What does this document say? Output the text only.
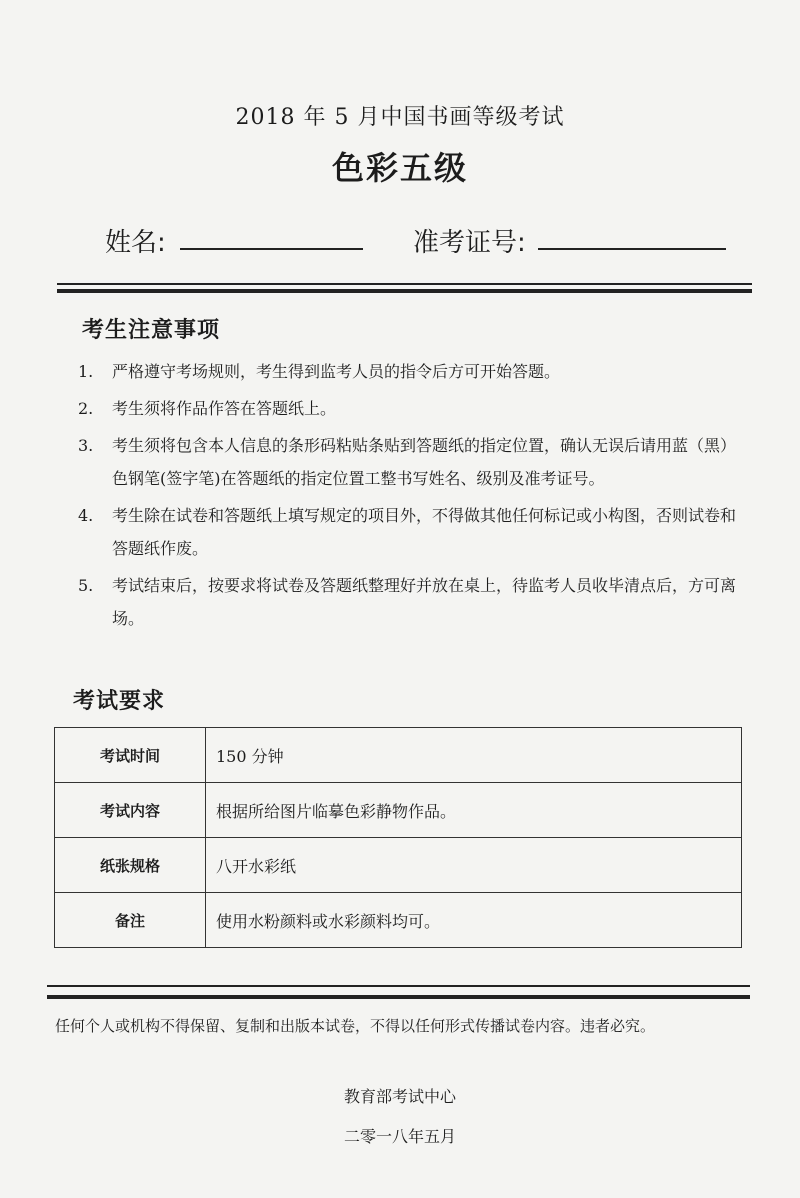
2018 年 5 月中国书画等级考试
色彩五级
姓名:	准考证号:
考生注意事项
1. 严格遵守考场规则，考生得到监考人员的指令后方可开始答题。
2. 考生须将作品作答在答题纸上。
3. 考生须将包含本人信息的条形码粘贴条贴到答题纸的指定位置，确认无误后请用蓝（黑）色钢笔(签字笔)在答题纸的指定位置工整书写姓名、级别及准考证号。
4. 考生除在试卷和答题纸上填写规定的项目外，不得做其他任何标记或小构图，否则试卷和答题纸作废。
5. 考试结束后，按要求将试卷及答题纸整理好并放在桌上，待监考人员收毕清点后，方可离场。
考试要求
考试时间	150 分钟
考试内容	根据所给图片临摹色彩静物作品。
纸张规格	八开水彩纸
备注	使用水粉颜料或水彩颜料均可。
任何个人或机构不得保留、复制和出版本试卷，不得以任何形式传播试卷内容。违者必究。
教育部考试中心
二零一八年五月
